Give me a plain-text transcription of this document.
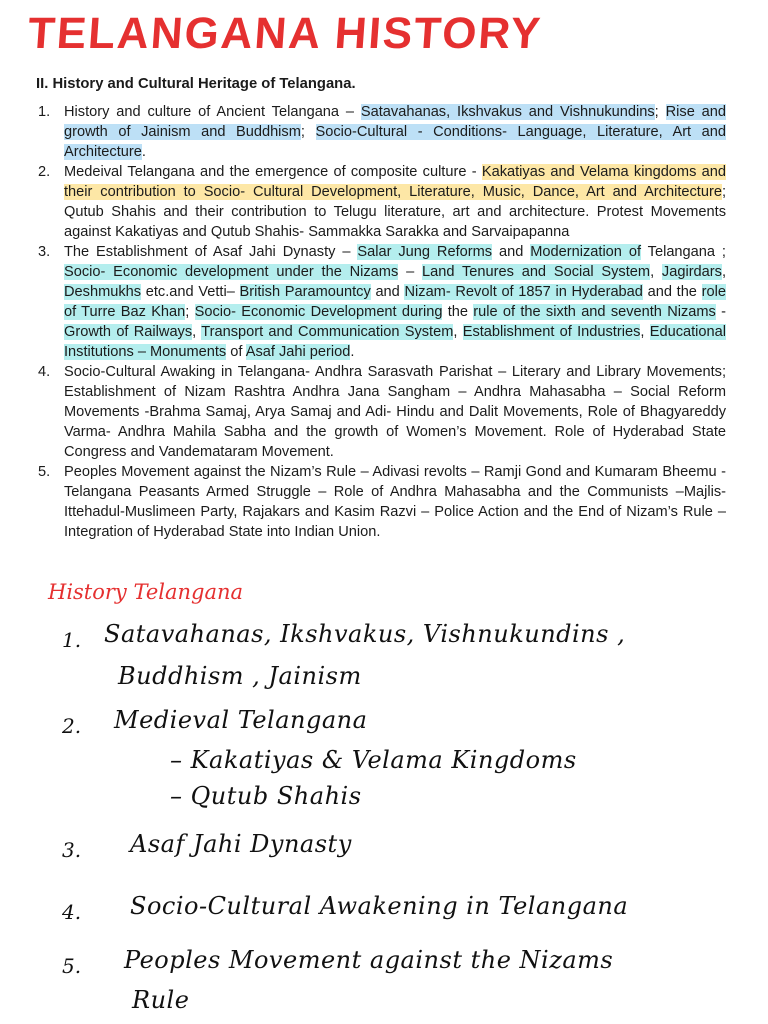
TELANGANA HISTORY

II. History and Cultural Heritage of Telangana.

1. History and culture of Ancient Telangana – Satavahanas, Ikshvakus and Vishnukundins; Rise and growth of Jainism and Buddhism; Socio-Cultural - Conditions- Language, Literature, Art and Architecture.
2. Medeival Telangana and the emergence of composite culture - Kakatiyas and Velama kingdoms and their contribution to Socio- Cultural Development, Literature, Music, Dance, Art and Architecture; Qutub Shahis and their contribution to Telugu literature, art and architecture. Protest Movements against Kakatiyas and Qutub Shahis- Sammakka Sarakka and Sarvaipapanna
3. The Establishment of Asaf Jahi Dynasty – Salar Jung Reforms and Modernization of Telangana ; Socio- Economic development under the Nizams – Land Tenures and Social System, Jagirdars, Deshmukhs etc.and Vetti– British Paramountcy and Nizam- Revolt of 1857 in Hyderabad and the role of Turre Baz Khan; Socio- Economic Development during the rule of the sixth and seventh Nizams - Growth of Railways, Transport and Communication System, Establishment of Industries, Educational Institutions – Monuments of Asaf Jahi period.
4. Socio-Cultural Awaking in Telangana- Andhra Sarasvath Parishat – Literary and Library Movements; Establishment of Nizam Rashtra Andhra Jana Sangham – Andhra Mahasabha – Social Reform Movements -Brahma Samaj, Arya Samaj and Adi- Hindu and Dalit Movements, Role of Bhagyareddy Varma- Andhra Mahila Sabha and the growth of Women’s Movement. Role of Hyderabad State Congress and Vandemataram Movement.
5. Peoples Movement against the Nizam’s Rule – Adivasi revolts – Ramji Gond and Kumaram Bheemu - Telangana Peasants Armed Struggle – Role of Andhra Mahasabha and the Communists –Majlis-Ittehadul-Muslimeen Party, Rajakars and Kasim Razvi – Police Action and the End of Nizam’s Rule – Integration of Hyderabad State into Indian Union.
History Telangana
1. Satavahanas, Ikshvakus, Vishnukundins ,
Buddhism , Jainism
2. Medieval Telangana
– Kakatiyas & Velama Kingdoms
– Qutub Shahis
3. Asaf Jahi Dynasty
4. Socio-Cultural Awakening in Telangana
5. Peoples Movement against the Nizams
Rule
